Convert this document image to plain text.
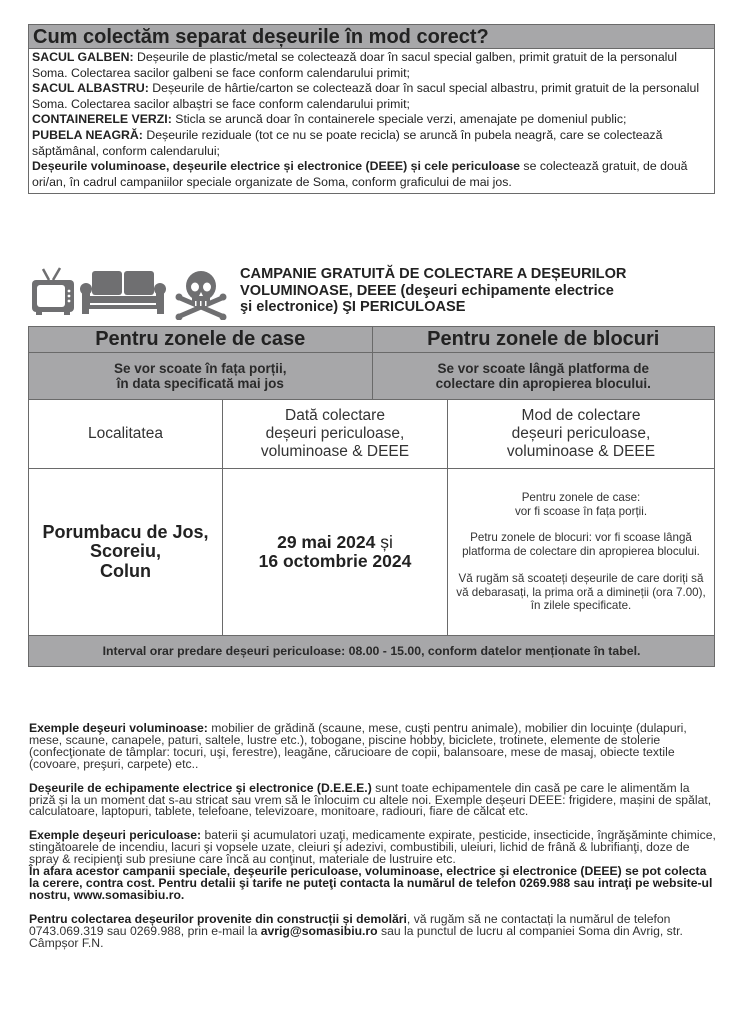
Cum colectăm separat deșeurile în mod corect?

SACUL GALBEN: Deșeurile de plastic/metal se colectează doar în sacul special galben, primit gratuit de la personalul Soma. Colectarea sacilor galbeni se face conform calendarului primit;

SACUL ALBASTRU: Deșeurile de hârtie/carton se colectează doar în sacul special albastru, primit gratuit de la personalul Soma. Colectarea sacilor albaștri se face conform calendarului primit;

CONTAINERELE VERZI: Sticla se aruncă doar în containerele speciale verzi, amenajate pe domeniul public;

PUBELA NEAGRĂ: Deșeurile reziduale (tot ce nu se poate recicla) se aruncă în pubela neagră, care se colectează săptămânal, conform calendarului;

Deșeurile voluminoase, deșeurile electrice și electronice (DEEE) și cele periculoase se colectează gratuit, de două ori/an, în cadrul campaniilor speciale organizate de Soma, conform graficului de mai jos.

CAMPANIE GRATUITĂ DE COLECTARE A DEȘEURILOR
VOLUMINOASE, DEEE (deşeuri echipamente electrice
şi electronice) ŞI PERICULOASE
Pentru zonele de case	Pentru zonele de blocuri
Se vor scoate în fața porții,
în data specificată mai jos
Se vor scoate lângă platforma de
colectare din apropierea blocului.
Localitatea
Dată colectare
deșeuri periculoase,
voluminoase & DEEE
Mod de colectare
deșeuri periculoase,
voluminoase & DEEE
Porumbacu de Jos,
Scoreiu,
Colun
29 mai 2024 și
16 octombrie 2024

Pentru zonele de case:
vor fi scoase în fața porții.

Petru zonele de blocuri: vor fi scoase lângă platforma de colectare din apropierea blocului.

Vă rugăm să scoateți deșeurile de care doriți să vă debarasați, la prima oră a dimineții (ora 7.00), în zilele specificate.

Interval orar predare deșeuri periculoase: 08.00 - 15.00, conform datelor menționate în tabel.

Exemple deşeuri voluminoase: mobilier de grădină (scaune, mese, cuşti pentru animale), mobilier din locuinţe (dulapuri, mese, scaune, canapele, paturi, saltele, lustre etc.), tobogane, piscine hobby, biciclete, trotinete, elemente de stolerie (confecţionate de tâmplar: tocuri, uşi, ferestre), leagăne, cărucioare de copii, balansoare, mese de masaj, obiecte textile (covoare, preşuri, carpete) etc..

Deșeurile de echipamente electrice și electronice (D.E.E.E.) sunt toate echipamentele din casă pe care le alimentăm la priză și la un moment dat s-au stricat sau vrem să le înlocuim cu altele noi. Exemple deșeuri DEEE: frigidere, mașini de spălat, calculatoare, laptopuri, tablete, telefoane, televizoare, monitoare, radiouri, fiare de călcat etc.

Exemple deşeuri periculoase: baterii şi acumulatori uzaţi, medicamente expirate, pesticide, insecticide, îngrăşăminte chimice, stingătoarele de incendiu, lacuri şi vopsele uzate, cleiuri şi adezivi, combustibili, uleiuri, lichid de frână & lubrifianţi, doze de spray & recipienţi sub presiune care încă au conţinut, materiale de lustruire etc.

În afara acestor campanii speciale, deşeurile periculoase, voluminoase, electrice şi electronice (DEEE) se pot colecta la cerere, contra cost. Pentru detalii şi tarife ne puteţi contacta la numărul de telefon 0269.988 sau intraţi pe website-ul nostru, www.somasibiu.ro.

Pentru colectarea deșeurilor provenite din construcții și demolări, vă rugăm să ne contactați la numărul de telefon 0743.069.319 sau 0269.988, prin e-mail la avrig@somasibiu.ro sau la punctul de lucru al companiei Soma din Avrig, str. Câmpșor F.N.
